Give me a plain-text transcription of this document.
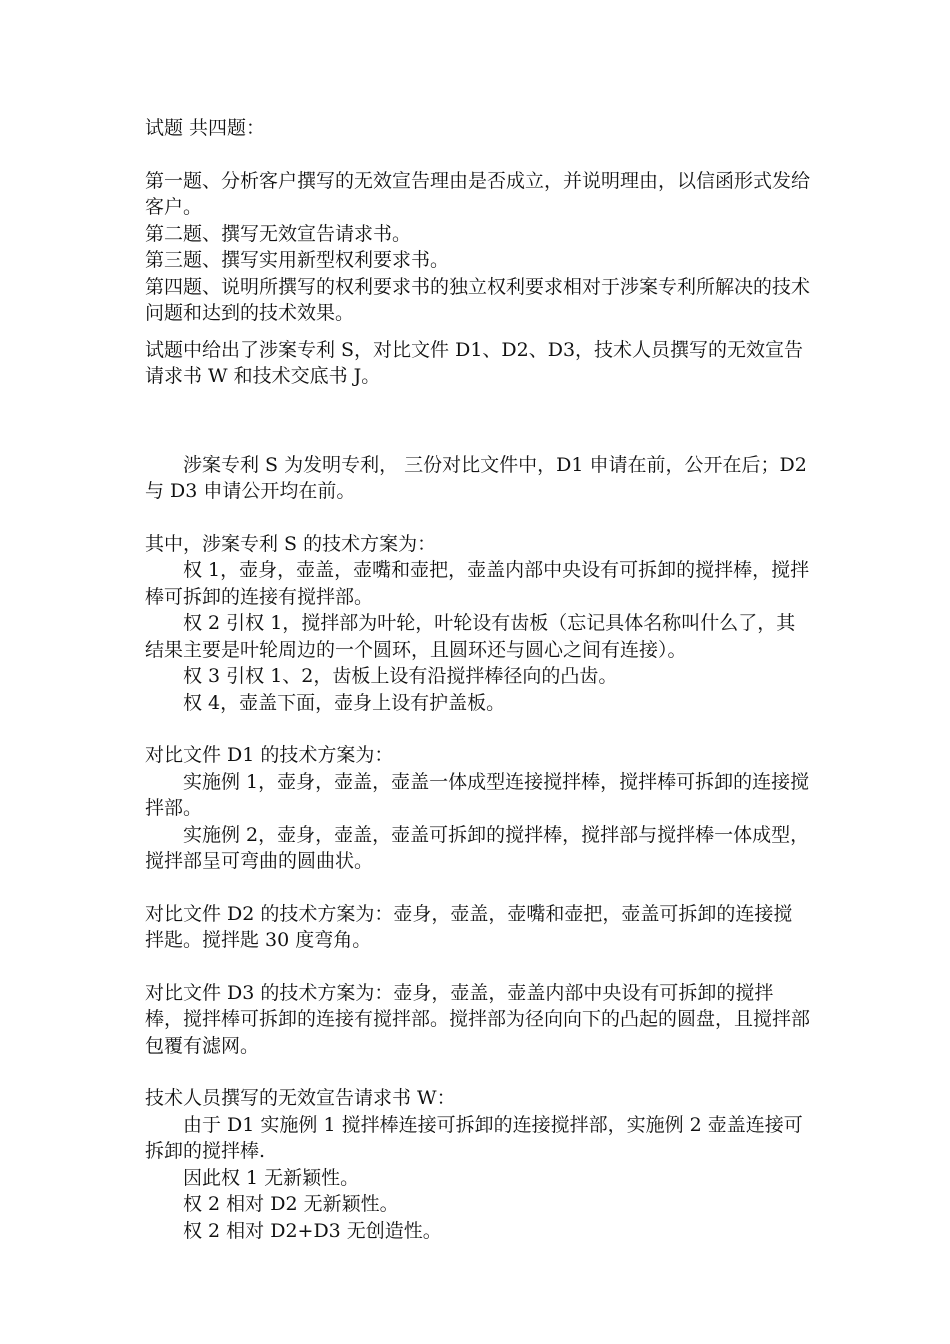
试题 共四题：

第一题、分析客户撰写的无效宣告理由是否成立，并说明理由，以信函形式发给客户。

第二题、撰写无效宣告请求书。

第三题、撰写实用新型权利要求书。

第四题、说明所撰写的权利要求书的独立权利要求相对于涉案专利所解决的技术问题和达到的技术效果。

试题中给出了涉案专利 S，对比文件 D1、D2、D3，技术人员撰写的无效宣告请求书 W 和技术交底书 J。

涉案专利 S 为发明专利， 三份对比文件中，D1 申请在前，公开在后；D2 与 D3 申请公开均在前。

其中，涉案专利 S 的技术方案为：

权 1，壶身，壶盖，壶嘴和壶把，壶盖内部中央设有可拆卸的搅拌棒，搅拌棒可拆卸的连接有搅拌部。

权 2 引权 1，搅拌部为叶轮，叶轮设有齿板（忘记具体名称叫什么了，其结果主要是叶轮周边的一个圆环，且圆环还与圆心之间有连接）。

权 3 引权 1、2，齿板上设有沿搅拌棒径向的凸齿。

权 4，壶盖下面，壶身上设有护盖板。

对比文件 D1 的技术方案为：

实施例 1，壶身，壶盖，壶盖一体成型连接搅拌棒，搅拌棒可拆卸的连接搅拌部。

实施例 2，壶身，壶盖，壶盖可拆卸的搅拌棒，搅拌部与搅拌棒一体成型，搅拌部呈可弯曲的圆曲状。

对比文件 D2 的技术方案为：壶身，壶盖，壶嘴和壶把，壶盖可拆卸的连接搅拌匙。搅拌匙 30 度弯角。

对比文件 D3 的技术方案为：壶身，壶盖，壶盖内部中央设有可拆卸的搅拌棒，搅拌棒可拆卸的连接有搅拌部。搅拌部为径向向下的凸起的圆盘，且搅拌部包覆有滤网。

技术人员撰写的无效宣告请求书 W：

由于 D1 实施例 1 搅拌棒连接可拆卸的连接搅拌部，实施例 2 壶盖连接可拆卸的搅拌棒.

因此权 1 无新颖性。

权 2 相对 D2 无新颖性。

权 2 相对 D2+D3 无创造性。
